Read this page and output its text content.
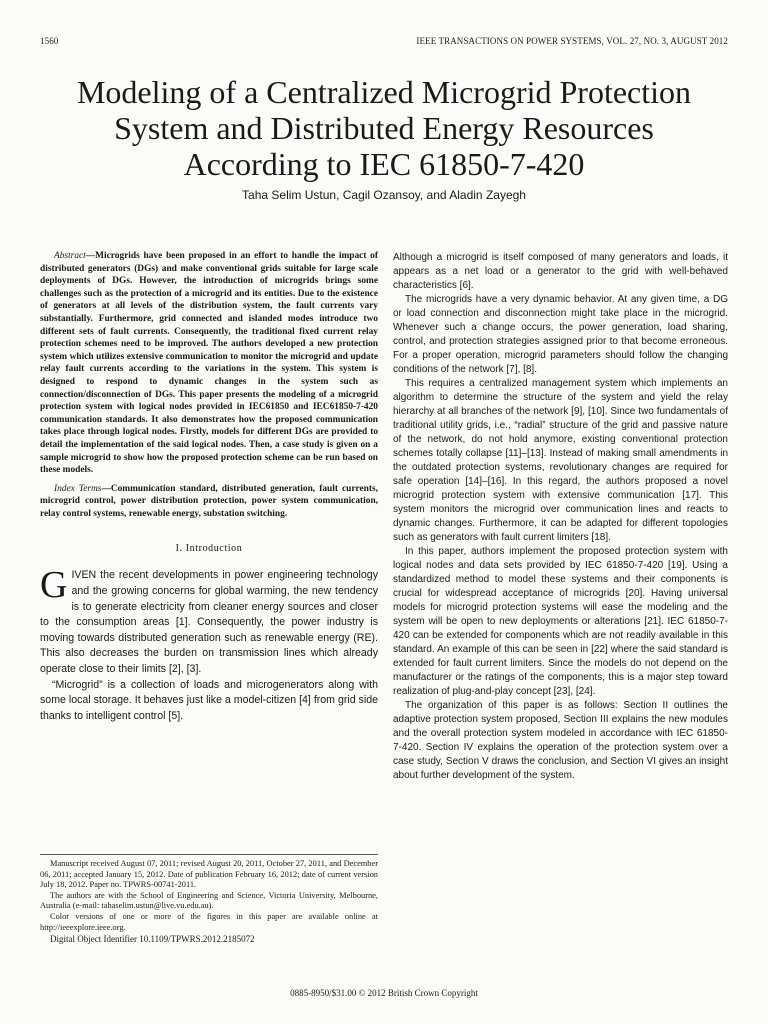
1560	IEEE TRANSACTIONS ON POWER SYSTEMS, VOL. 27, NO. 3, AUGUST 2012
Modeling of a Centralized Microgrid Protection
System and Distributed Energy Resources
According to IEC 61850-7-420
Taha Selim Ustun, Cagil Ozansoy, and Aladin Zayegh

Abstract—Microgrids have been proposed in an effort to handle the impact of distributed generators (DGs) and make conventional grids suitable for large scale deployments of DGs. However, the introduction of microgrids brings some challenges such as the protection of a microgrid and its entities. Due to the existence of generators at all levels of the distribution system, the fault currents vary substantially. Furthermore, grid connected and islanded modes introduce two different sets of fault currents. Consequently, the traditional fixed current relay protection schemes need to be improved. The authors developed a new protection system which utilizes extensive communication to monitor the microgrid and update relay fault currents according to the variations in the system. This system is designed to respond to dynamic changes in the system such as connection/disconnection of DGs. This paper presents the modeling of a microgrid protection system with logical nodes provided in IEC61850 and IEC61850-7-420 communication standards. It also demonstrates how the proposed communication takes place through logical nodes. Firstly, models for different DGs are provided to detail the implementation of the said logical nodes. Then, a case study is given on a sample microgrid to show how the proposed protection scheme can be run based on these models.

Index Terms—Communication standard, distributed generation, fault currents, microgrid control, power distribution protection, power system communication, relay control systems, renewable energy, substation switching.

I. Introduction

GIVEN the recent developments in power engineering technology and the growing concerns for global warming, the new tendency is to generate electricity from cleaner energy sources and closer to the consumption areas [1]. Consequently, the power industry is moving towards distributed generation such as renewable energy (RE). This also decreases the burden on transmission lines which already operate close to their limits [2], [3].

“Microgrid” is a collection of loads and microgenerators along with some local storage. It behaves just like a model-citizen [4] from grid side thanks to intelligent control [5].

Manuscript received August 07, 2011; revised August 20, 2011, October 27, 2011, and December 06, 2011; accepted January 15, 2012. Date of publication February 16, 2012; date of current version July 18, 2012. Paper no. TPWRS-00741-2011.

The authors are with the School of Engineering and Science, Victoria University, Melbourne, Australia (e-mail: tahaselim.ustun@live.vu.edu.au).

Color versions of one or more of the figures in this paper are available online at http://ieeexplore.ieee.org.

Digital Object Identifier 10.1109/TPWRS.2012.2185072

Although a microgrid is itself composed of many generators and loads, it appears as a net load or a generator to the grid with well-behaved characteristics [6].

The microgrids have a very dynamic behavior. At any given time, a DG or load connection and disconnection might take place in the microgrid. Whenever such a change occurs, the power generation, load sharing, control, and protection strategies assigned prior to that become erroneous. For a proper operation, microgrid parameters should follow the changing conditions of the network [7], [8].

This requires a centralized management system which implements an algorithm to determine the structure of the system and yield the relay hierarchy at all branches of the network [9], [10]. Since two fundamentals of traditional utility grids, i.e., “radial” structure of the grid and passive nature of the network, do not hold anymore, existing conventional protection schemes totally collapse [11]–[13]. Instead of making small amendments in the outdated protection systems, revolutionary changes are required for safe operation [14]–[16]. In this regard, the authors proposed a novel microgrid protection system with extensive communication [17]. This system monitors the microgrid over communication lines and reacts to dynamic changes. Furthermore, it can be adapted for different topologies such as generators with fault current limiters [18].

In this paper, authors implement the proposed protection system with logical nodes and data sets provided by IEC 61850-7-420 [19]. Using a standardized method to model these systems and their components is crucial for widespread acceptance of microgrids [20]. Having universal models for microgrid protection systems will ease the modeling and the system will be open to new deployments or alterations [21]. IEC 61850-7-420 can be extended for components which are not readily available in this standard. An example of this can be seen in [22] where the said standard is extended for fault current limiters. Since the models do not depend on the manufacturer or the ratings of the components, this is a major step toward realization of plug-and-play concept [23], [24].

The organization of this paper is as follows: Section II outlines the adaptive protection system proposed, Section III explains the new modules and the overall protection system modeled in accordance with IEC 61850-7-420. Section IV explains the operation of the protection system over a case study, Section V draws the conclusion, and Section VI gives an insight about further development of the system.

0885-8950/$31.00 © 2012 British Crown Copyright
